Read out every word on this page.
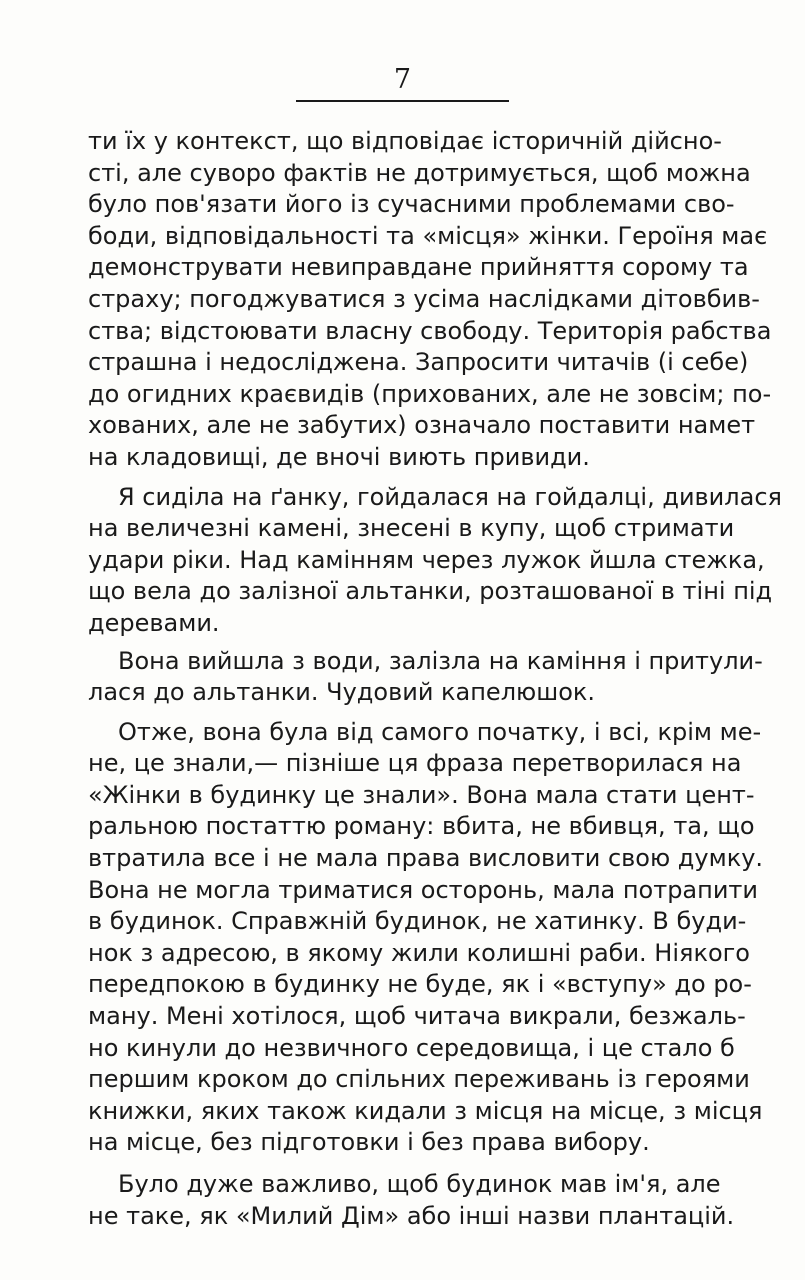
7
ти їх у контекст, що відповідає історичній дійсно-
сті, але суворо фактів не дотримується, щоб можна
було пов'язати його із сучасними проблемами сво-
боди, відповідальності та «місця» жінки. Героїня має
демонструвати невиправдане прийняття сорому та
страху; погоджуватися з усіма наслідками дітовбив-
ства; відстоювати власну свободу. Територія рабства
страшна і недосліджена. Запросити читачів (і себе)
до огидних краєвидів (прихованих, але не зовсім; по-
хованих, але не забутих) означало поставити намет
на кладовищі, де вночі виють привиди.
Я сиділа на ґанку, гойдалася на гойдалці, дивилася
на величезні камені, знесені в купу, щоб стримати
удари ріки. Над камінням через лужок йшла стежка,
що вела до залізної альтанки, розташованої в тіні під
деревами.
Вона вийшла з води, залізла на каміння і притули-
лася до альтанки. Чудовий капелюшок.
Отже, вона була від самого початку, і всі, крім ме-
не, це знали,— пізніше ця фраза перетворилася на
«Жінки в будинку це знали». Вона мала стати цент-
ральною постаттю роману: вбита, не вбивця, та, що
втратила все і не мала права висловити свою думку.
Вона не могла триматися осторонь, мала потрапити
в будинок. Справжній будинок, не хатинку. В буди-
нок з адресою, в якому жили колишні раби. Ніякого
передпокою в будинку не буде, як і «вступу» до ро-
ману. Мені хотілося, щоб читача викрали, безжаль-
но кинули до незвичного середовища, і це стало б
першим кроком до спільних переживань із героями
книжки, яких також кидали з місця на місце, з місця
на місце, без підготовки і без права вибору.
Було дуже важливо, щоб будинок мав ім'я, але
не таке, як «Милий Дім» або інші назви плантацій.
